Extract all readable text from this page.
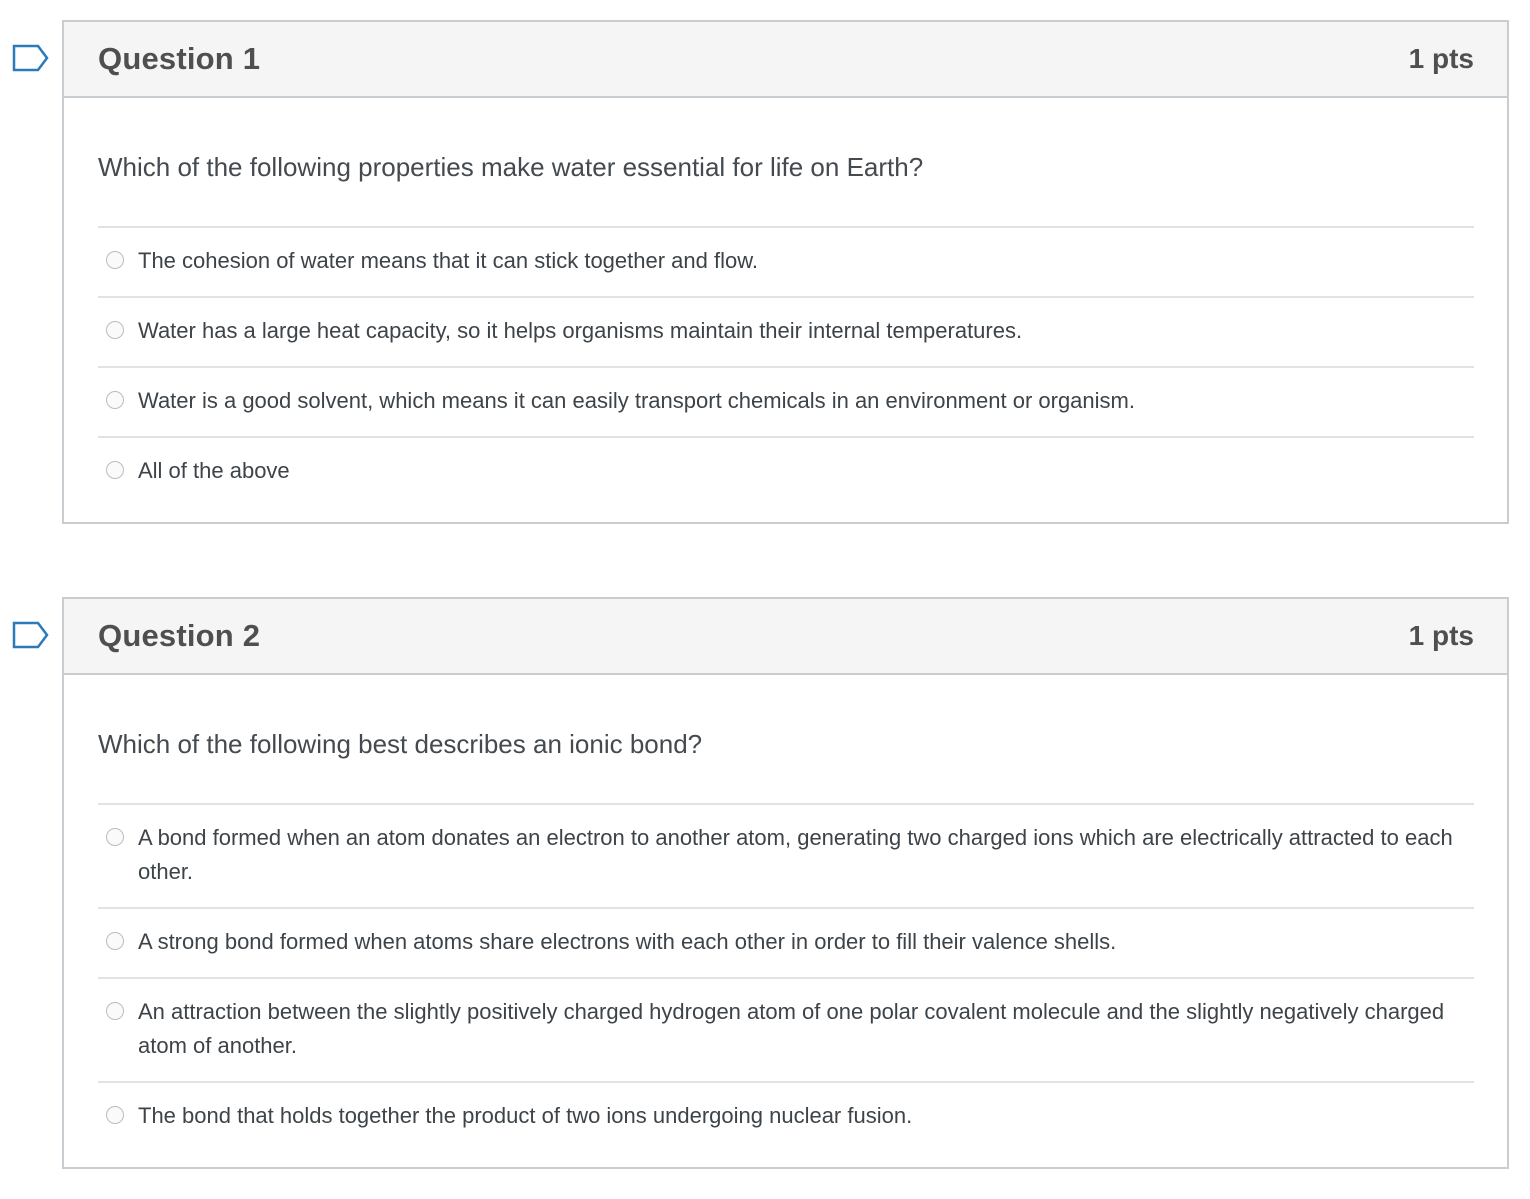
Question 1	1 pts
Which of the following properties make water essential for life on Earth?
The cohesion of water means that it can stick together and flow.
Water has a large heat capacity, so it helps organisms maintain their internal temperatures.
Water is a good solvent, which means it can easily transport chemicals in an environment or organism.
All of the above
Question 2	1 pts
Which of the following best describes an ionic bond?
A bond formed when an atom donates an electron to another atom, generating two charged ions which are electrically attracted to each other.
A strong bond formed when atoms share electrons with each other in order to fill their valence shells.
An attraction between the slightly positively charged hydrogen atom of one polar covalent molecule and the slightly negatively charged atom of another.
The bond that holds together the product of two ions undergoing nuclear fusion.
